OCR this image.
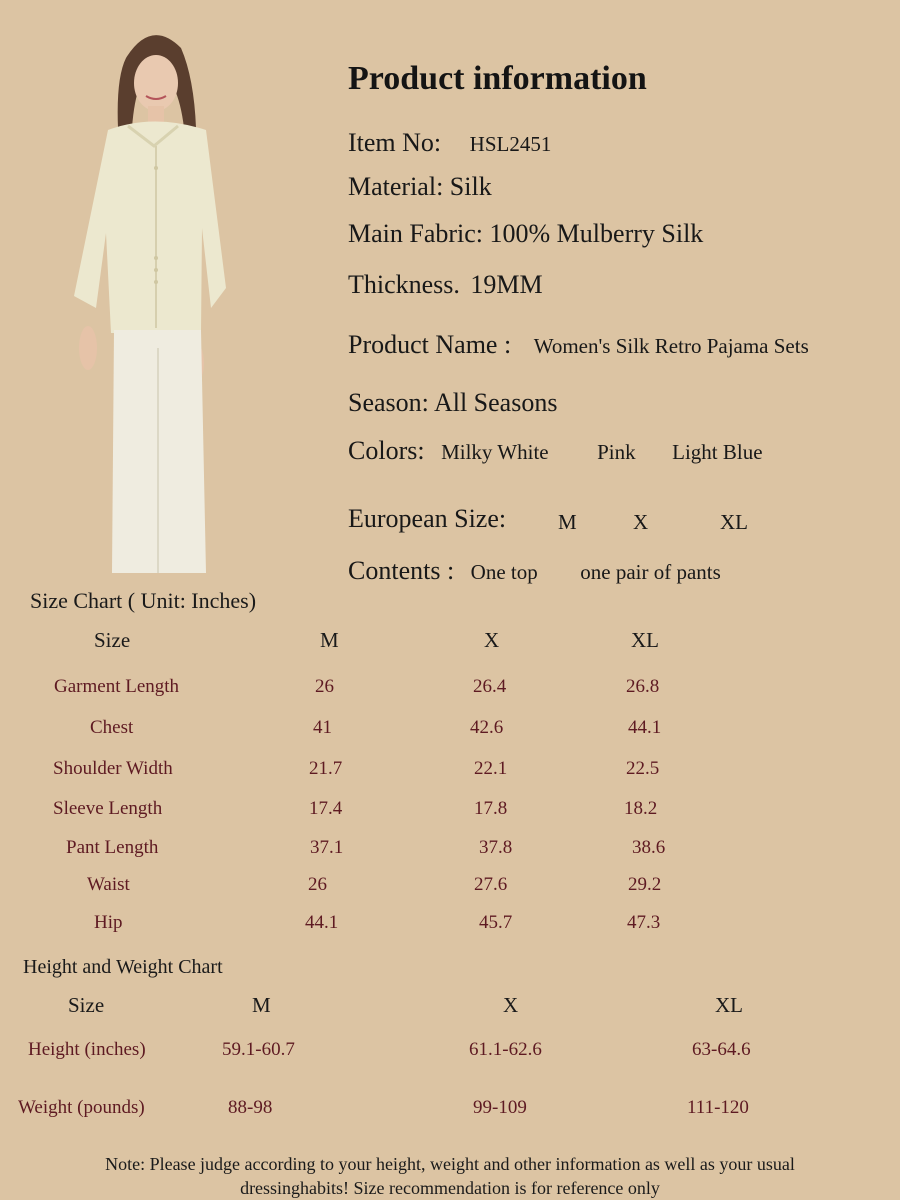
Product information
Item No: HSL2451
Material: Silk
Main Fabric: 100% Mulberry Silk
Thickness. 19MM
Product Name : Women's Silk Retro Pajama Sets
Season: All Seasons
Colors: Milky White Pink Light Blue
European Size: M	X	XL
Contents : One top one pair of pants
Size Chart ( Unit: Inches)
Size	M	X	XL
Garment Length	26	26.4	26.8
Chest	41	42.6	44.1
Shoulder Width	21.7	22.1	22.5
Sleeve Length	17.4	17.8	18.2
Pant Length	37.1	37.8	38.6
Waist	26	27.6	29.2
Hip	44.1	45.7	47.3
Height and Weight Chart
Size	M	X	XL
Height (inches)	59.1-60.7	61.1-62.6	63-64.6
Weight (pounds)	88-98	99-109	111-120
Note: Please judge according to your height, weight and other information as well as your usual dressinghabits! Size recommendation is for reference only
